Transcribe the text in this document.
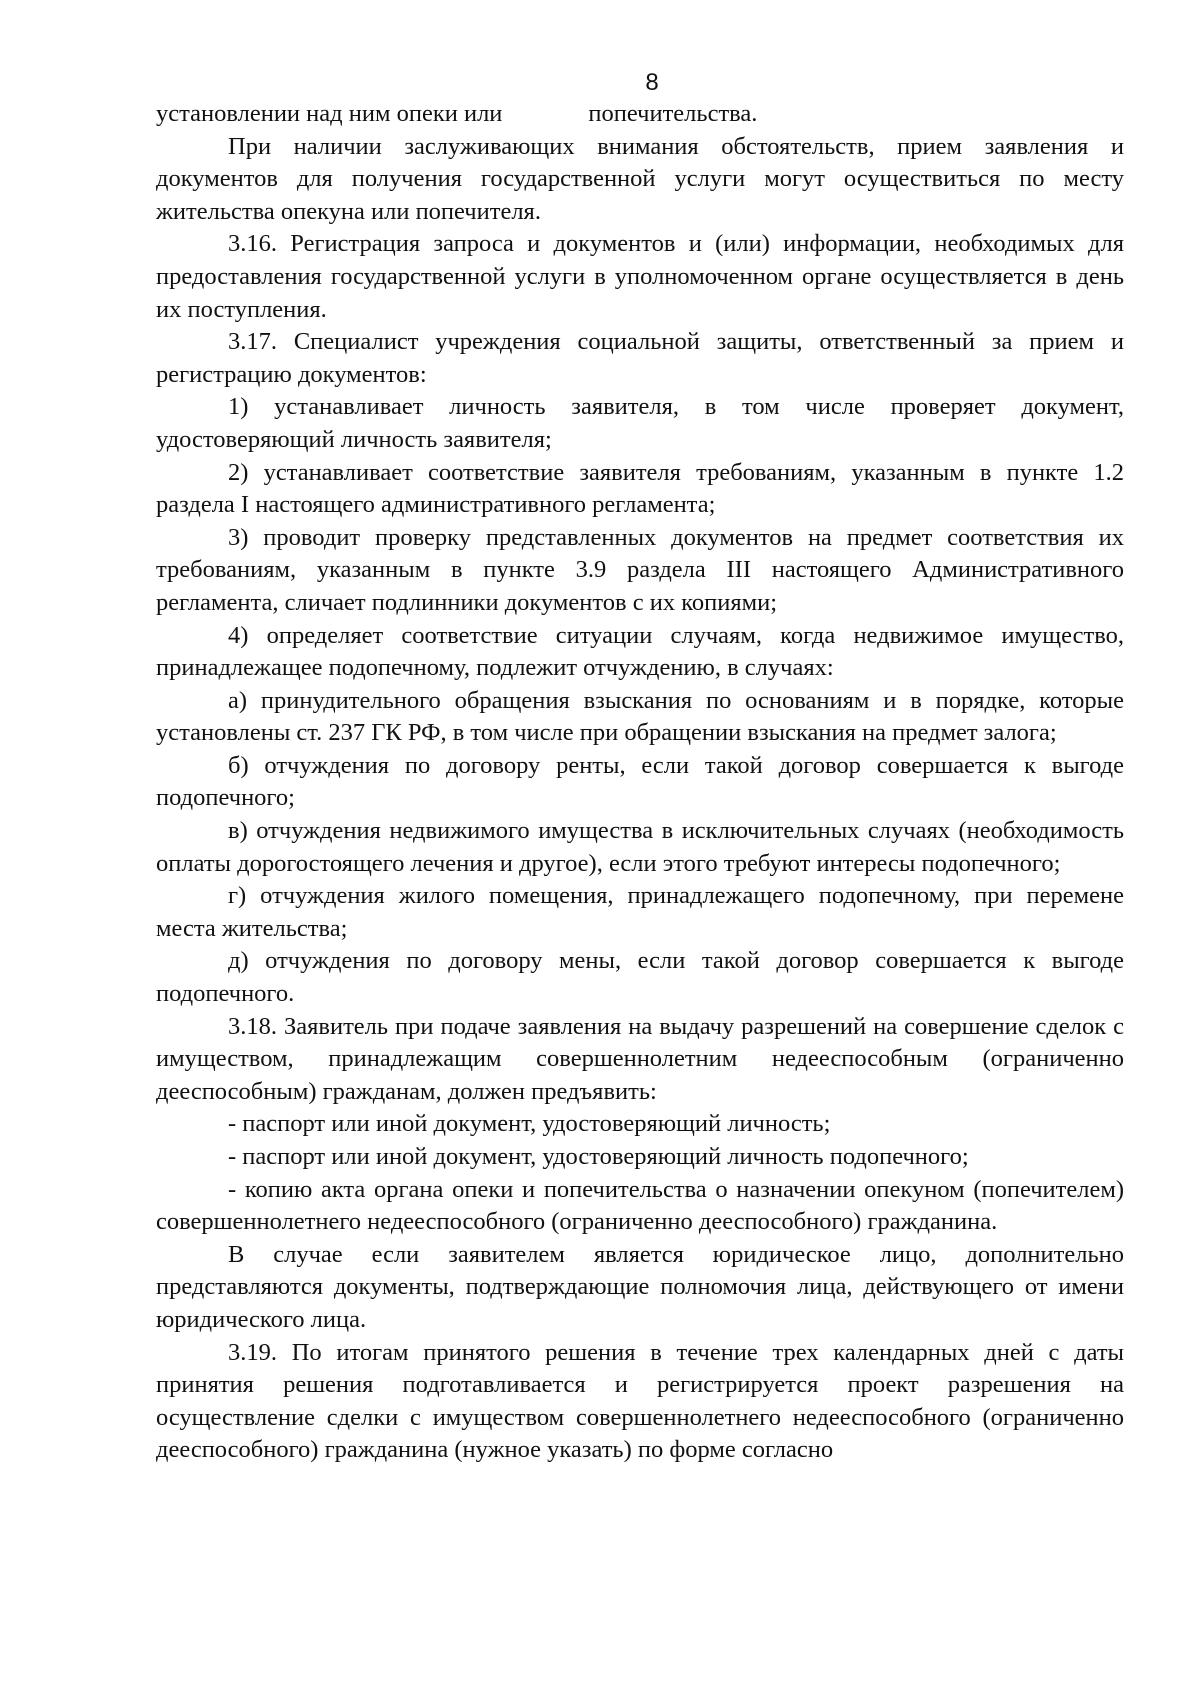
8

установлении над ним опеки или	попечительства.

При наличии заслуживающих внимания обстоятельств, прием заявления и документов для получения государственной услуги могут осуществиться по месту жительства опекуна или попечителя.

3.16. Регистрация запроса и документов и (или) информации, необходимых для предоставления государственной услуги в уполномоченном органе осуществляется в день их поступления.

3.17. Специалист учреждения социальной защиты, ответственный за прием и регистрацию документов:

1) устанавливает личность заявителя, в том числе проверяет документ, удостоверяющий личность заявителя;

2) устанавливает соответствие заявителя требованиям, указанным в пункте 1.2 раздела I настоящего административного регламента;

3) проводит проверку представленных документов на предмет соответствия их требованиям, указанным в пункте 3.9 раздела III настоящего Административного регламента, сличает подлинники документов с их копиями;

4) определяет соответствие ситуации случаям, когда недвижимое имущество, принадлежащее подопечному, подлежит отчуждению, в случаях:

а) принудительного обращения взыскания по основаниям и в порядке, которые установлены ст. 237 ГК РФ, в том числе при обращении взыскания на предмет залога;

б) отчуждения по договору ренты, если такой договор совершается к выгоде подопечного;

в) отчуждения недвижимого имущества в исключительных случаях (необходимость оплаты дорогостоящего лечения и другое), если этого требуют интересы подопечного;

г) отчуждения жилого помещения, принадлежащего подопечному, при перемене места жительства;

д) отчуждения по договору мены, если такой договор совершается к выгоде подопечного.

3.18. Заявитель при подаче заявления на выдачу разрешений на совершение сделок с имуществом, принадлежащим совершеннолетним недееспособным (ограниченно дееспособным) гражданам, должен предъявить:

- паспорт или иной документ, удостоверяющий личность;

- паспорт или иной документ, удостоверяющий личность подопечного;

- копию акта органа опеки и попечительства о назначении опекуном (попечителем) совершеннолетнего недееспособного (ограниченно дееспособного) гражданина.

В случае если заявителем является юридическое лицо, дополнительно представляются документы, подтверждающие полномочия лица, действующего от имени юридического лица.

3.19. По итогам принятого решения в течение трех календарных дней с даты принятия решения подготавливается и регистрируется проект разрешения на осуществление сделки с имуществом совершеннолетнего недееспособного (ограниченно дееспособного) гражданина (нужное указать) по форме согласно
